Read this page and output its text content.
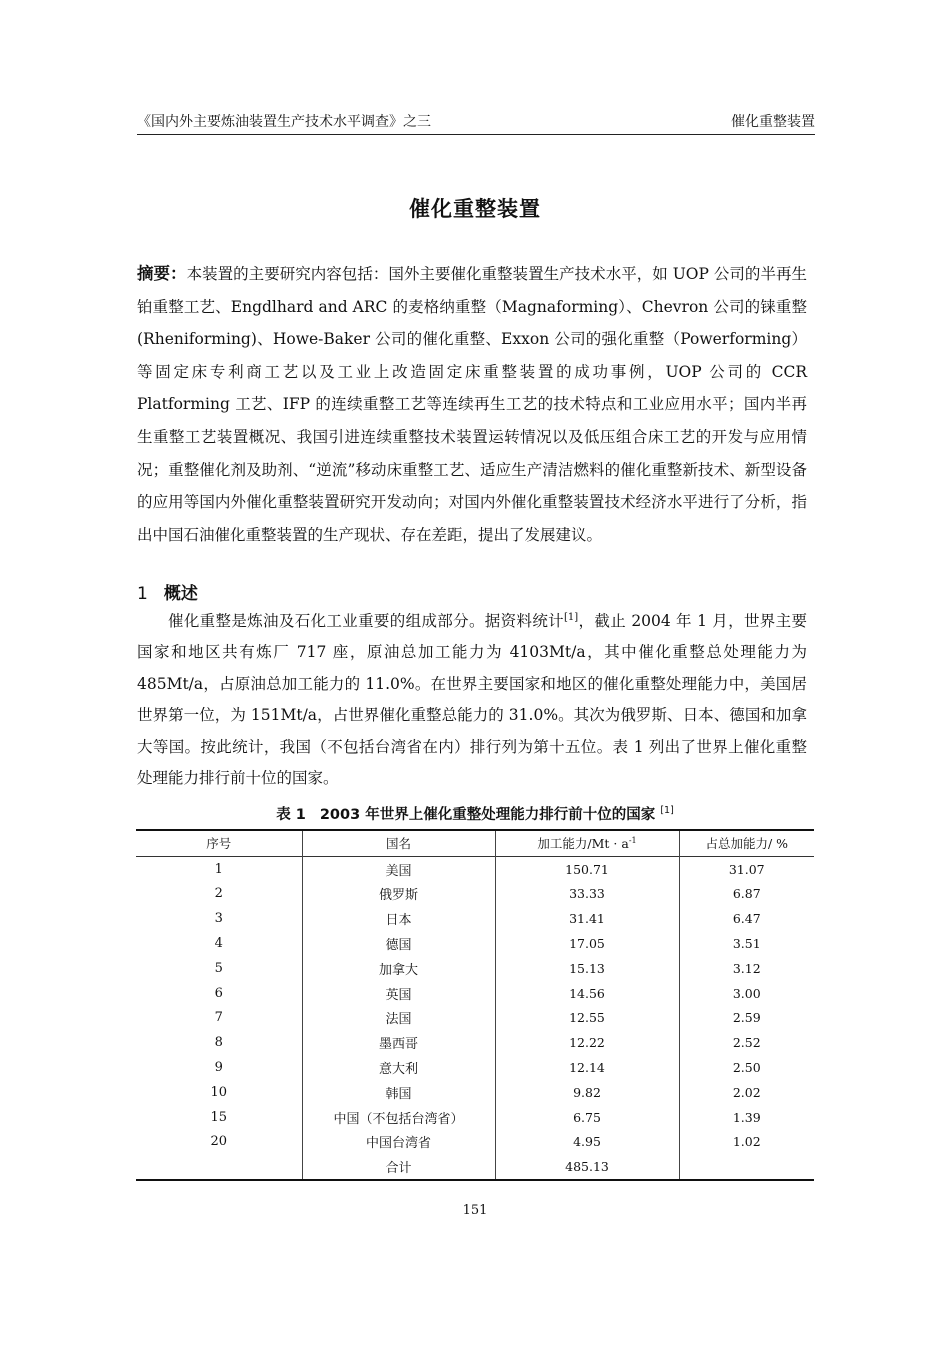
《国内外主要炼油装置生产技术水平调查》之三	催化重整装置
催化重整装置

摘要：本装置的主要研究内容包括：国外主要催化重整装置生产技术水平，如 UOP 公司的半再生铂重整工艺、Engdlhard and ARC 的麦格纳重整（Magnaforming）、Chevron 公司的铼重整(Rheniforming)、Howe-Baker 公司的催化重整、Exxon 公司的强化重整（Powerforming）等固定床专利商工艺以及工业上改造固定床重整装置的成功事例，UOP 公司的 CCR Platforming 工艺、IFP 的连续重整工艺等连续再生工艺的技术特点和工业应用水平；国内半再生重整工艺装置概况、我国引进连续重整技术装置运转情况以及低压组合床工艺的开发与应用情况；重整催化剂及助剂、“逆流”移动床重整工艺、适应生产清洁燃料的催化重整新技术、新型设备的应用等国内外催化重整装置研究开发动向；对国内外催化重整装置技术经济水平进行了分析，指出中国石油催化重整装置的生产现状、存在差距，提出了发展建议。

1 概述

催化重整是炼油及石化工业重要的组成部分。据资料统计[1]，截止 2004 年 1 月，世界主要国家和地区共有炼厂 717 座，原油总加工能力为 4103Mt/a，其中催化重整总处理能力为 485Mt/a，占原油总加工能力的 11.0%。在世界主要国家和地区的催化重整处理能力中，美国居世界第一位，为 151Mt/a，占世界催化重整总能力的 31.0%。其次为俄罗斯、日本、德国和加拿大等国。按此统计，我国（不包括台湾省在内）排行列为第十五位。表 1 列出了世界上催化重整处理能力排行前十位的国家。

表 1 2003 年世界上催化重整处理能力排行前十位的国家 [1]
序号	国名	加工能力$/Mt \cdot a^{-1}$	占总加能力/ %
1	美国	150.71	31.07
2	俄罗斯	33.33	6.87
3	日本	31.41	6.47
4	德国	17.05	3.51
5	加拿大	15.13	3.12
6	英国	14.56	3.00
7	法国	12.55	2.59
8	墨西哥	12.22	2.52
9	意大利	12.14	2.50
10	韩国	9.82	2.02
15	中国（不包括台湾省）	6.75	1.39
20	中国台湾省	4.95	1.02
	合计	485.13	
151
